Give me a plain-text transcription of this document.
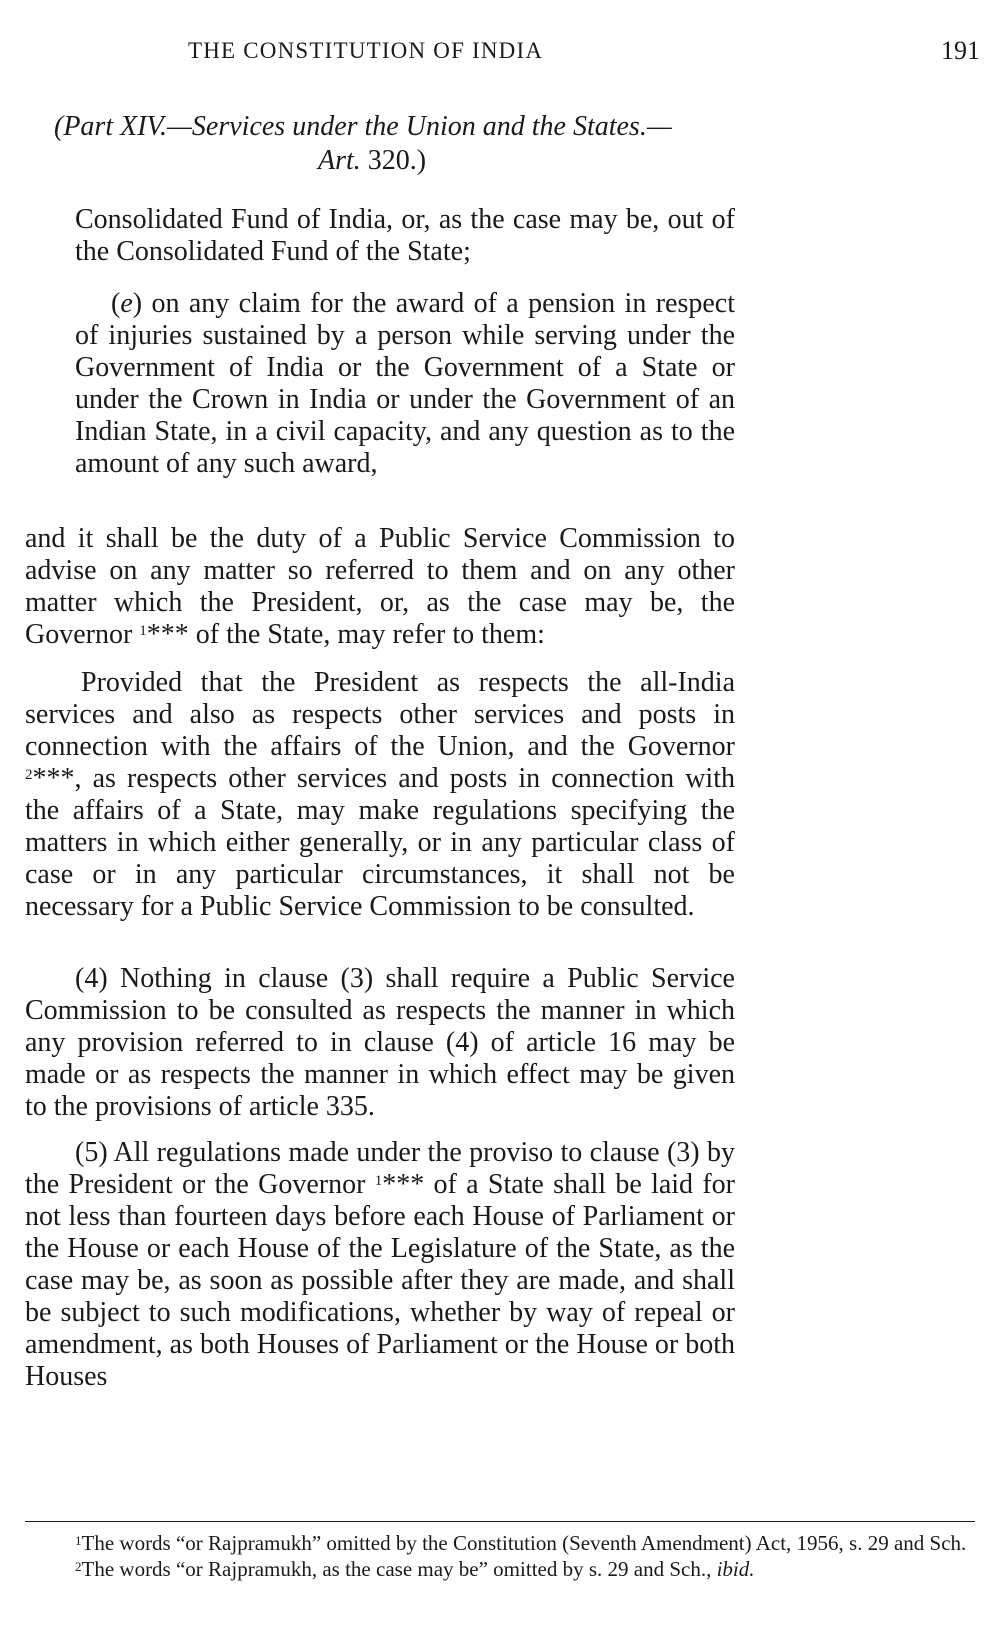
THE CONSTITUTION OF INDIA	191
(Part XIV.—Services under the Union and the States.—
Art. 320.)

Consolidated Fund of India, or, as the case may be, out of the Consolidated Fund of the State;

(e) on any claim for the award of a pension in respect of injuries sustained by a person while serving under the Government of India or the Government of a State or under the Crown in India or under the Government of an Indian State, in a civil capacity, and any question as to the amount of any such award,

and it shall be the duty of a Public Service Commission to advise on any matter so referred to them and on any other matter which the President, or, as the case may be, the Governor $^1$*** of the State, may refer to them:

Provided that the President as respects the all-India services and also as respects other services and posts in connection with the affairs of the Union, and the Governor $^2$***, as respects other services and posts in connection with the affairs of a State, may make regulations specifying the matters in which either generally, or in any particular class of case or in any particular circumstances, it shall not be necessary for a Public Service Commission to be consulted.

(4) Nothing in clause (3) shall require a Public Service Commission to be consulted as respects the manner in which any provision referred to in clause (4) of article 16 may be made or as respects the manner in which effect may be given to the provisions of article 335.

(5) All regulations made under the proviso to clause (3) by the President or the Governor $^1$*** of a State shall be laid for not less than fourteen days before each House of Parliament or the House or each House of the Legislature of the State, as the case may be, as soon as possible after they are made, and shall be subject to such modifications, whether by way of repeal or amendment, as both Houses of Parliament or the House or both Houses

$^1$The words “or Rajpramukh” omitted by the Constitution (Seventh Amendment) Act, 1956, s. 29 and Sch.

$^2$The words “or Rajpramukh, as the case may be” omitted by s. 29 and Sch., ibid.
